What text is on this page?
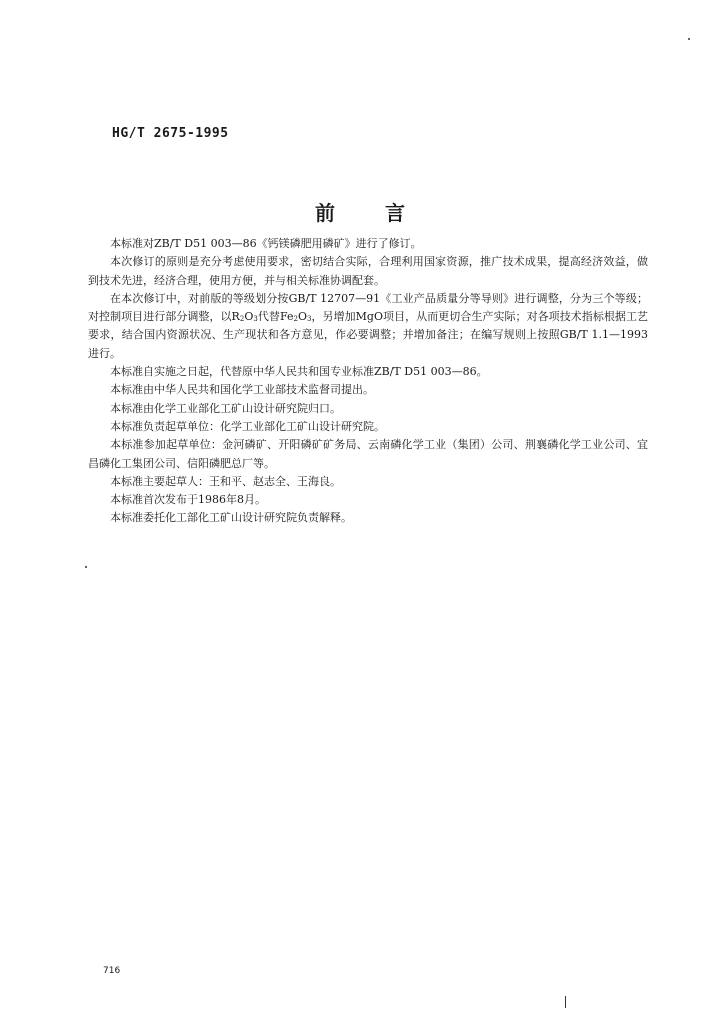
HG/T 2675-1995
前 言

本标准对ZB/T D51 003—86《钙镁磷肥用磷矿》进行了修订。

本次修订的原则是充分考虑使用要求，密切结合实际，合理利用国家资源，推广技术成果，提高经济效益，做到技术先进，经济合理，使用方便，并与相关标准协调配套。

在本次修订中，对前版的等级划分按GB/T 12707—91《工业产品质量分等导则》进行调整，分为三个等级；对控制项目进行部分调整，以$R_2O_3$代替$Fe_2O_3$，另增加MgO项目，从而更切合生产实际；对各项技术指标根据工艺要求，结合国内资源状况、生产现状和各方意见，作必要调整；并增加备注；在编写规则上按照GB/T 1.1—1993进行。

本标准自实施之日起，代替原中华人民共和国专业标准ZB/T D51 003—86。

本标准由中华人民共和国化学工业部技术监督司提出。

本标准由化学工业部化工矿山设计研究院归口。

本标准负责起草单位：化学工业部化工矿山设计研究院。

本标准参加起草单位：金河磷矿、开阳磷矿矿务局、云南磷化学工业（集团）公司、荆襄磷化学工业公司、宜昌磷化工集团公司、信阳磷肥总厂等。

本标准主要起草人：王和平、赵志全、王海良。

本标准首次发布于1986年8月。

本标准委托化工部化工矿山设计研究院负责解释。

716
